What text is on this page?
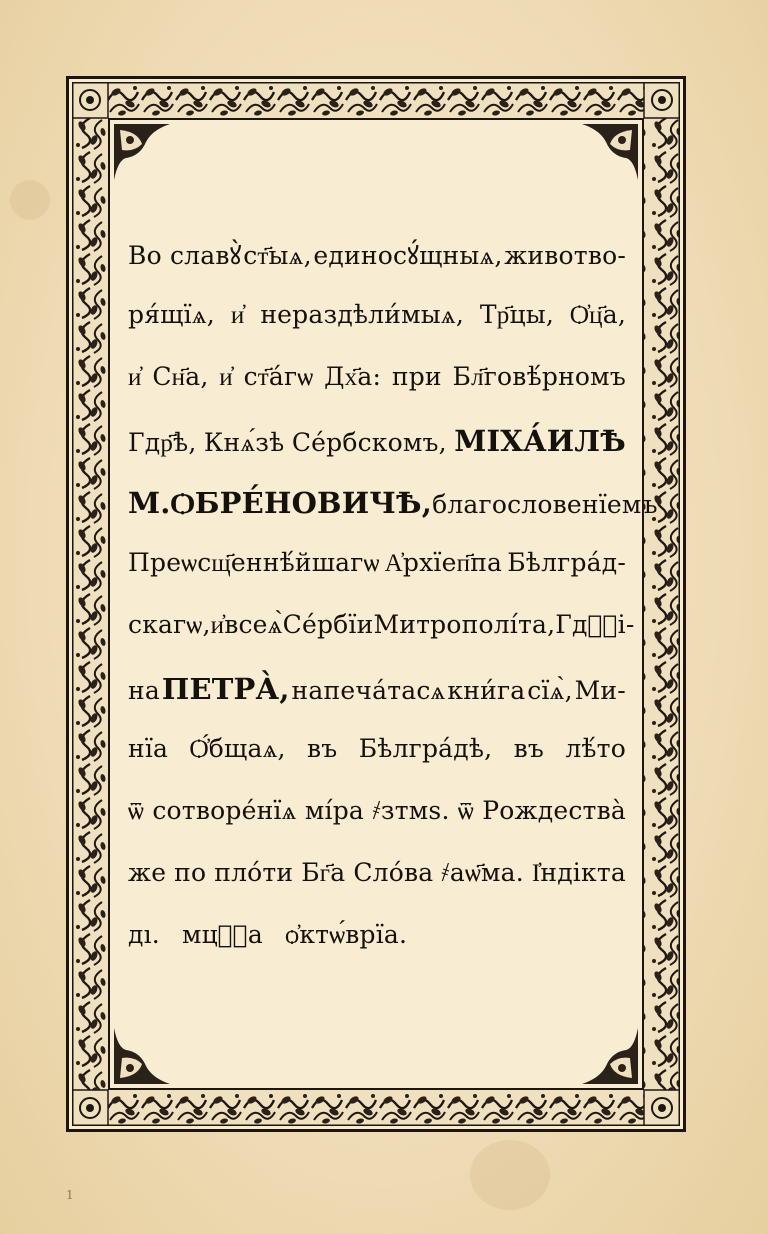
Во славꙋ̀ ст҃ыѧ, единосꙋ́щныѧ, животво-
ря́щїѧ, и҆ нераздѣли́мыѧ, Тр҃цы, Ѻ҆ц҃а,
и҆ Сн҃а, и҆ ст҃а́гѡ Дх҃а: при Бл҃говѣ́рномъ
Гдр҃ѣ, Кнѧ́зѣ Се́рбскомъ, МІХА́ИЛѢ
М. ѺБРЕ́НОВИЧѢ, благословенїемъ
Преѡсщ҃еннѣ́йшагѡ А҆рхїеп҃па Бѣлгра́д-
скагѡ, и҆ всеѧ̀ Се́рбїи Митрополі́та, Гдⷭ҇і-
на ПЕТРА̀, напеча́тасѧ кни́га сїѧ̀, Ми-
нїа Ѻ҆́бщаѧ, въ Бѣлгра́дѣ, въ лѣ́то
ѿ сотворе́нїѧ мі́ра ҂зтмѕ. ѿ Рождества̀
же по пло́ти Бг҃а Сло́ва ҂аѡ҃ма. І҆ндікта
дı. мцⷭ҇а ѻ҆ктѡ́врїа.
1
